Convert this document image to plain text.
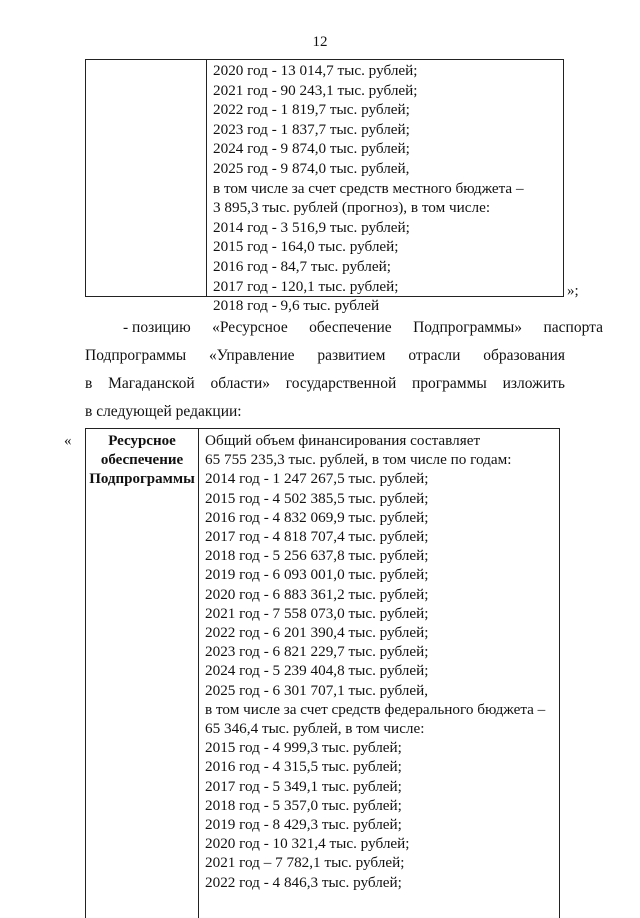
12
2020 год - 13 014,7 тыс. рублей;
2021 год - 90 243,1 тыс. рублей;
2022 год - 1 819,7 тыс. рублей;
2023 год - 1 837,7 тыс. рублей;
2024 год - 9 874,0 тыс. рублей;
2025 год - 9 874,0 тыс. рублей,
в том числе за счет средств местного бюджета –
3 895,3 тыс. рублей (прогноз), в том числе:
2014 год - 3 516,9 тыс. рублей;
2015 год - 164,0 тыс. рублей;
2016 год - 84,7 тыс. рублей;
2017 год - 120,1 тыс. рублей;
2018 год - 9,6 тыс. рублей
»;
- позицию «Ресурсное обеспечение Подпрограммы» паспорта
Подпрограммы «Управление развитием отрасли образования
в Магаданской области» государственной программы изложить
в следующей редакции:
«	Ресурсное
обеспечение
Подпрограммы
Общий объем финансирования составляет
65 755 235,3 тыс. рублей, в том числе по годам:
2014 год - 1 247 267,5 тыс. рублей;
2015 год - 4 502 385,5 тыс. рублей;
2016 год - 4 832 069,9 тыс. рублей;
2017 год - 4 818 707,4 тыс. рублей;
2018 год - 5 256 637,8 тыс. рублей;
2019 год - 6 093 001,0 тыс. рублей;
2020 год - 6 883 361,2 тыс. рублей;
2021 год - 7 558 073,0 тыс. рублей;
2022 год - 6 201 390,4 тыс. рублей;
2023 год - 6 821 229,7 тыс. рублей;
2024 год - 5 239 404,8 тыс. рублей;
2025 год - 6 301 707,1 тыс. рублей,
в том числе за счет средств федерального бюджета –
65 346,4 тыс. рублей, в том числе:
2015 год - 4 999,3 тыс. рублей;
2016 год - 4 315,5 тыс. рублей;
2017 год - 5 349,1 тыс. рублей;
2018 год - 5 357,0 тыс. рублей;
2019 год - 8 429,3 тыс. рублей;
2020 год - 10 321,4 тыс. рублей;
2021 год – 7 782,1 тыс. рублей;
2022 год - 4 846,3 тыс. рублей;
